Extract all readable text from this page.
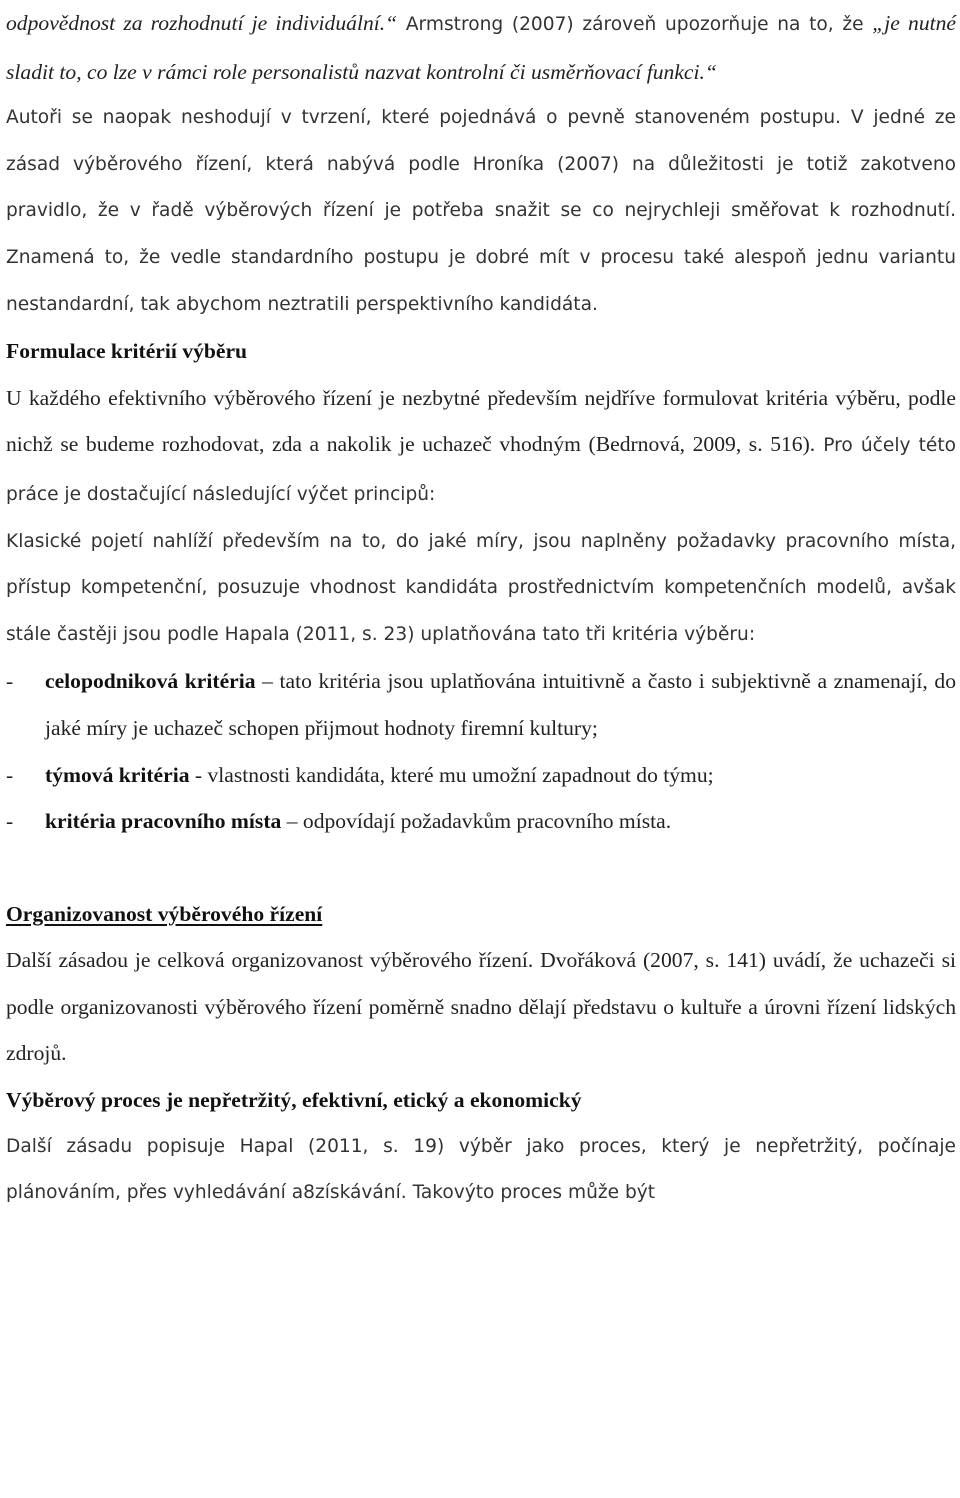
odpovědnost za rozhodnutí je individuální.“ Armstrong (2007) zároveň upozorňuje na to, že „je nutné sladit to, co lze v rámci role personalistů nazvat kontrolní či usměrňovací funkci.“

Autoři se naopak neshodují v tvrzení, které pojednává o pevně stanoveném postupu. V jedné ze zásad výběrového řízení, která nabývá podle Hroníka (2007) na důležitosti je totiž zakotveno pravidlo, že v řadě výběrových řízení je potřeba snažit se co nejrychleji směřovat k rozhodnutí. Znamená to, že vedle standardního postupu je dobré mít v procesu také alespoň jednu variantu nestandardní, tak abychom neztratili perspektivního kandidáta.

Formulace kritérií výběru

U každého efektivního výběrového řízení je nezbytné především nejdříve formulovat kritéria výběru, podle nichž se budeme rozhodovat, zda a nakolik je uchazeč vhodným (Bedrnová, 2009, s. 516). Pro účely této práce je dostačující následující výčet principů:

Klasické pojetí nahlíží především na to, do jaké míry, jsou naplněny požadavky pracovního místa, přístup kompetenční, posuzuje vhodnost kandidáta prostřednictvím kompetenčních modelů, avšak stále častěji jsou podle Hapala (2011, s. 23) uplatňována tato tři kritéria výběru:

- celopodniková kritéria – tato kritéria jsou uplatňována intuitivně a často i subjektivně a znamenají, do jaké míry je uchazeč schopen přijmout hodnoty firemní kultury;
- týmová kritéria - vlastnosti kandidáta, které mu umožní zapadnout do týmu;
- kritéria pracovního místa – odpovídají požadavkům pracovního místa.
Organizovanost výběrového řízení

Další zásadou je celková organizovanost výběrového řízení. Dvořáková (2007, s. 141) uvádí, že uchazeči si podle organizovanosti výběrového řízení poměrně snadno dělají představu o kultuře a úrovni řízení lidských zdrojů.

Výběrový proces je nepřetržitý, efektivní, etický a ekonomický

Další zásadu popisuje Hapal (2011, s. 19) výběr jako proces, který je nepřetržitý, počínaje plánováním, přes vyhledávání a8získávání. Takovýto proces může být
